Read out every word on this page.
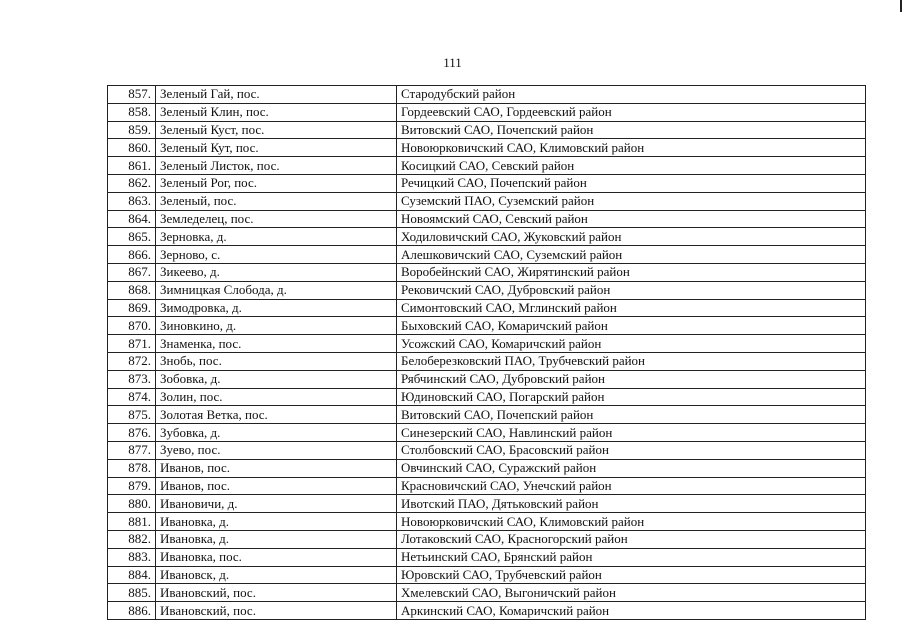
111
857.	Зеленый Гай, пос.	Стародубский район
858.	Зеленый Клин, пос.	Гордеевский САО, Гордеевский район
859.	Зеленый Куст, пос.	Витовский САО, Почепский район
860.	Зеленый Кут, пос.	Новоюрковичский САО, Климовский район
861.	Зеленый Листок, пос.	Косицкий САО, Севский район
862.	Зеленый Рог, пос.	Речицкий САО, Почепский район
863.	Зеленый, пос.	Суземский ПАО, Суземский район
864.	Земледелец, пос.	Новоямский САО, Севский район
865.	Зерновка, д.	Ходиловичский САО, Жуковский район
866.	Зерново, с.	Алешковичский САО, Суземский район
867.	Зикеево, д.	Воробейнский САО, Жирятинский район
868.	Зимницкая Слобода, д.	Рековичский САО, Дубровский район
869.	Зимодровка, д.	Симонтовский САО, Мглинский район
870.	Зиновкино, д.	Быховский САО, Комаричский район
871.	Знаменка, пос.	Усожский САО, Комаричский район
872.	Знобь, пос.	Белоберезковский ПАО, Трубчевский район
873.	Зобовка, д.	Рябчинский САО, Дубровский район
874.	Золин, пос.	Юдиновский САО, Погарский район
875.	Золотая Ветка, пос.	Витовский САО, Почепский район
876.	Зубовка, д.	Синезерский САО, Навлинский район
877.	Зуево, пос.	Столбовский САО, Брасовский район
878.	Иванов, пос.	Овчинский САО, Суражский район
879.	Иванов, пос.	Красновичский САО, Унечский район
880.	Ивановичи, д.	Ивотский ПАО, Дятьковский район
881.	Ивановка, д.	Новоюрковичский САО, Климовский район
882.	Ивановка, д.	Лотаковский САО, Красногорский район
883.	Ивановка, пос.	Нетьинский САО, Брянский район
884.	Ивановск, д.	Юровский САО, Трубчевский район
885.	Ивановский, пос.	Хмелевский САО, Выгоничский район
886.	Ивановский, пос.	Аркинский САО, Комаричский район
